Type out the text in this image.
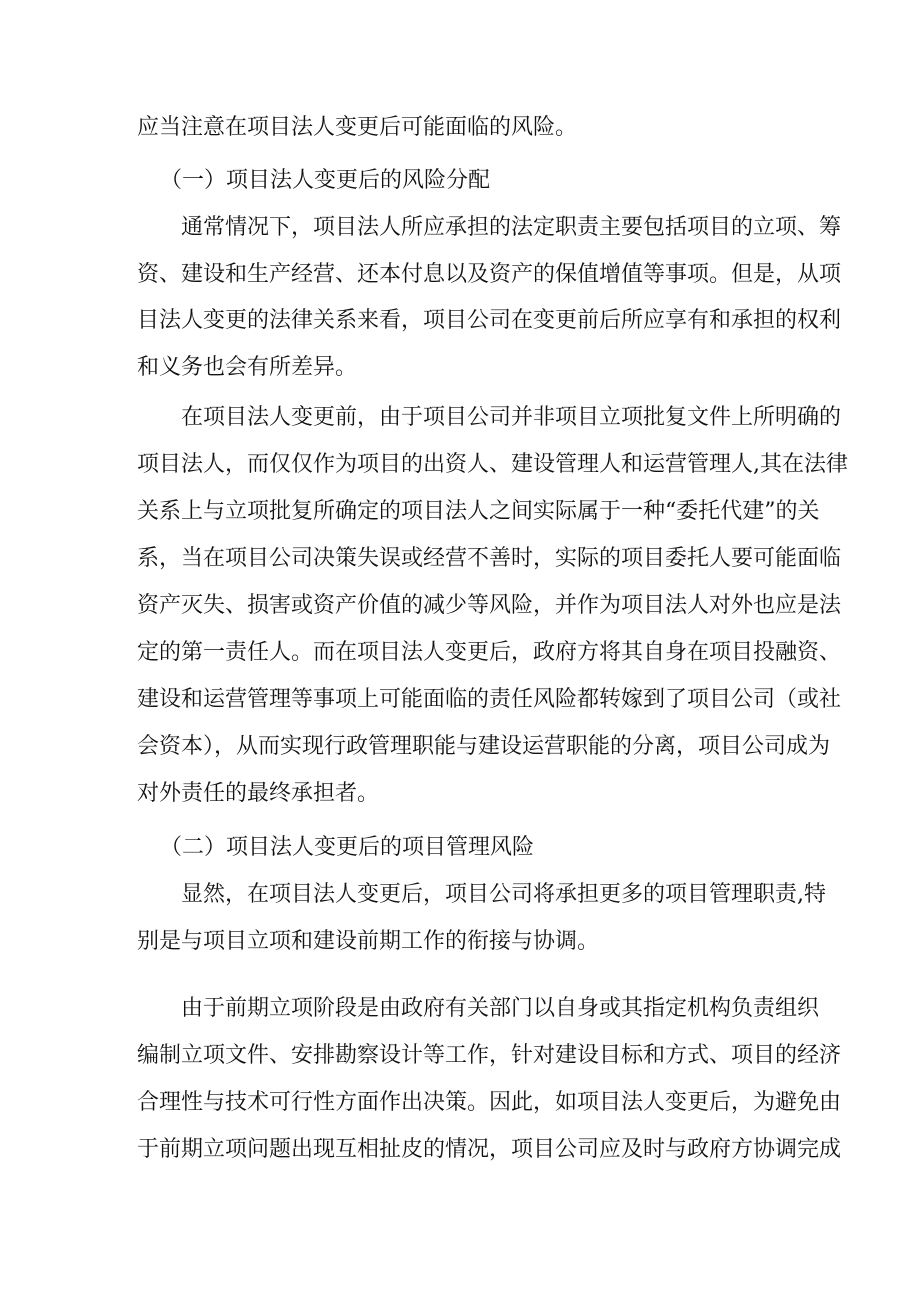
应当注意在项目法人变更后可能面临的风险。
（一）项目法人变更后的风险分配
通常情况下，项目法人所应承担的法定职责主要包括项目的立项、筹
资、建设和生产经营、还本付息以及资产的保值增值等事项。但是，从项
目法人变更的法律关系来看，项目公司在变更前后所应享有和承担的权利
和义务也会有所差异。
在项目法人变更前，由于项目公司并非项目立项批复文件上所明确的
项目法人，而仅仅作为项目的出资人、建设管理人和运营管理人,其在法律
关系上与立项批复所确定的项目法人之间实际属于一种“委托代建”的关
系，当在项目公司决策失误或经营不善时，实际的项目委托人要可能面临
资产灭失、损害或资产价值的减少等风险，并作为项目法人对外也应是法
定的第一责任人。而在项目法人变更后，政府方将其自身在项目投融资、
建设和运营管理等事项上可能面临的责任风险都转嫁到了项目公司（或社
会资本），从而实现行政管理职能与建设运营职能的分离，项目公司成为
对外责任的最终承担者。
（二）项目法人变更后的项目管理风险
显然，在项目法人变更后，项目公司将承担更多的项目管理职责,特
别是与项目立项和建设前期工作的衔接与协调。
由于前期立项阶段是由政府有关部门以自身或其指定机构负责组织
编制立项文件、安排勘察设计等工作，针对建设目标和方式、项目的经济
合理性与技术可行性方面作出决策。因此，如项目法人变更后，为避免由
于前期立项问题出现互相扯皮的情况，项目公司应及时与政府方协调完成
